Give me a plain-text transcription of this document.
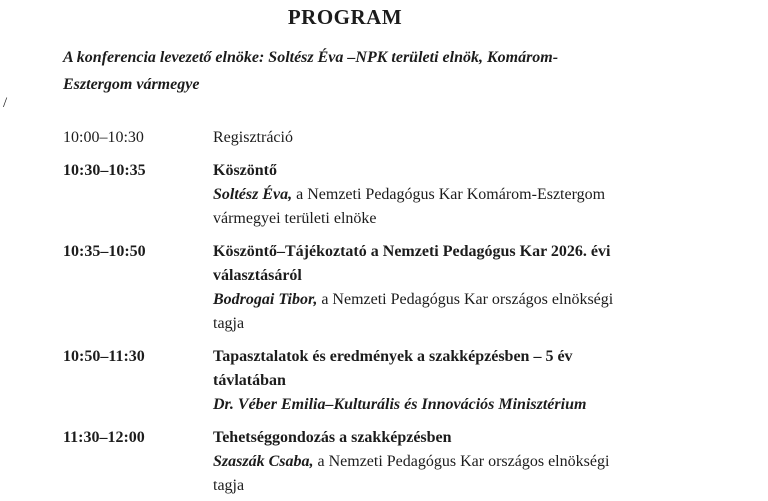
PROGRAM
A konferencia levezető elnöke: Soltész Éva –NPK területi elnök, Komárom-
Esztergom vármegye
/
10:00–10:30	Regisztráció
10:30–10:35	Köszöntő
Soltész Éva, a Nemzeti Pedagógus Kar Komárom-Esztergom
vármegyei területi elnöke
10:35–10:50	Köszöntő–Tájékoztató a Nemzeti Pedagógus Kar 2026. évi
választásáról
Bodrogai Tibor, a Nemzeti Pedagógus Kar országos elnökségi
tagja
10:50–11:30	Tapasztalatok és eredmények a szakképzésben – 5 év
távlatában
Dr. Véber Emilia–Kulturális és Innovációs Minisztérium
11:30–12:00	Tehetséggondozás a szakképzésben
Szaszák Csaba, a Nemzeti Pedagógus Kar országos elnökségi
tagja
